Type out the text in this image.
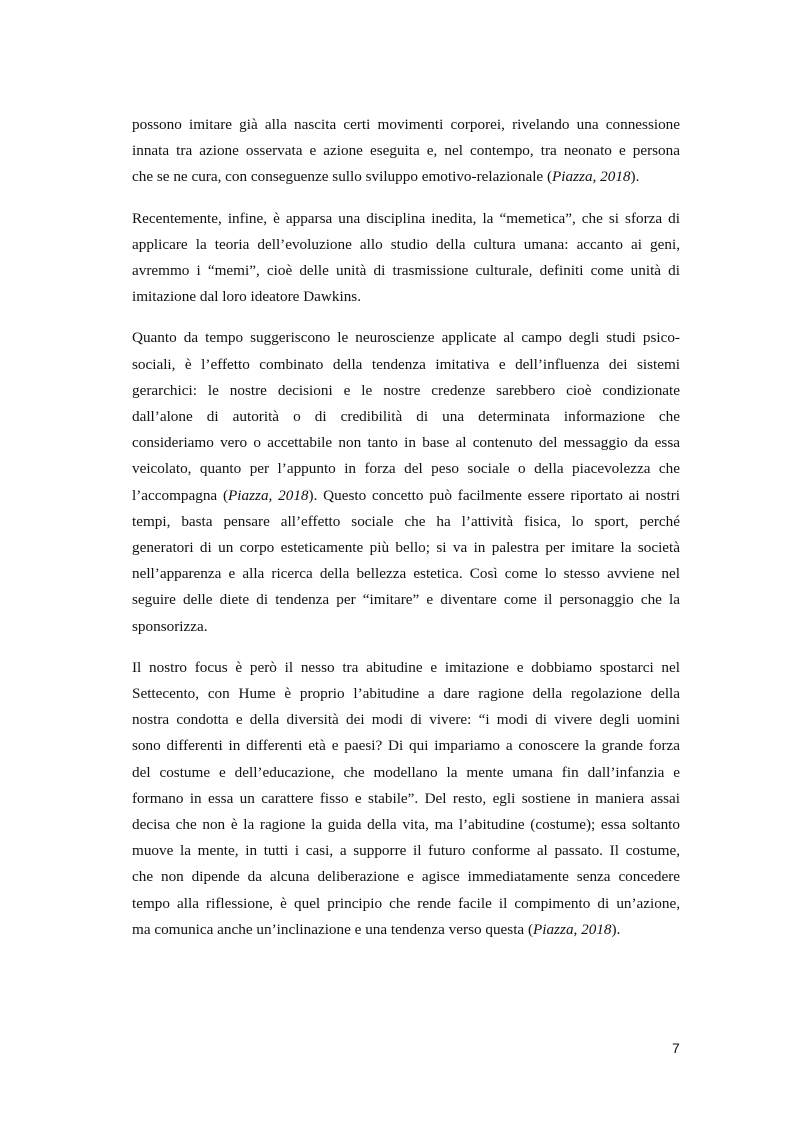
possono imitare già alla nascita certi movimenti corporei, rivelando una connessione
innata tra azione osservata e azione eseguita e, nel contempo, tra neonato e persona
che se ne cura, con conseguenze sullo sviluppo emotivo-relazionale (Piazza, 2018).

Recentemente, infine, è apparsa una disciplina inedita, la “memetica”, che si sforza di
applicare la teoria dell’evoluzione allo studio della cultura umana: accanto ai geni,
avremmo i “memi”, cioè delle unità di trasmissione culturale, definiti come unità di
imitazione dal loro ideatore Dawkins.

Quanto da tempo suggeriscono le neuroscienze applicate al campo degli studi psico-
sociali, è l’effetto combinato della tendenza imitativa e dell’influenza dei sistemi
gerarchici: le nostre decisioni e le nostre credenze sarebbero cioè condizionate
dall’alone di autorità o di credibilità di una determinata informazione che
consideriamo vero o accettabile non tanto in base al contenuto del messaggio da essa
veicolato, quanto per l’appunto in forza del peso sociale o della piacevolezza che
l’accompagna (Piazza, 2018). Questo concetto può facilmente essere riportato ai nostri
tempi, basta pensare all’effetto sociale che ha l’attività fisica, lo sport, perché
generatori di un corpo esteticamente più bello; si va in palestra per imitare la società
nell’apparenza e alla ricerca della bellezza estetica. Così come lo stesso avviene nel
seguire delle diete di tendenza per “imitare” e diventare come il personaggio che la
sponsorizza.

Il nostro focus è però il nesso tra abitudine e imitazione e dobbiamo spostarci nel
Settecento, con Hume è proprio l’abitudine a dare ragione della regolazione della
nostra condotta e della diversità dei modi di vivere: “i modi di vivere degli uomini
sono differenti in differenti età e paesi? Di qui impariamo a conoscere la grande forza
del costume e dell’educazione, che modellano la mente umana fin dall’infanzia e
formano in essa un carattere fisso e stabile”. Del resto, egli sostiene in maniera assai
decisa che non è la ragione la guida della vita, ma l’abitudine (costume); essa soltanto
muove la mente, in tutti i casi, a supporre il futuro conforme al passato. Il costume,
che non dipende da alcuna deliberazione e agisce immediatamente senza concedere
tempo alla riflessione, è quel principio che rende facile il compimento di un’azione,
ma comunica anche un’inclinazione e una tendenza verso questa (Piazza, 2018).

7
